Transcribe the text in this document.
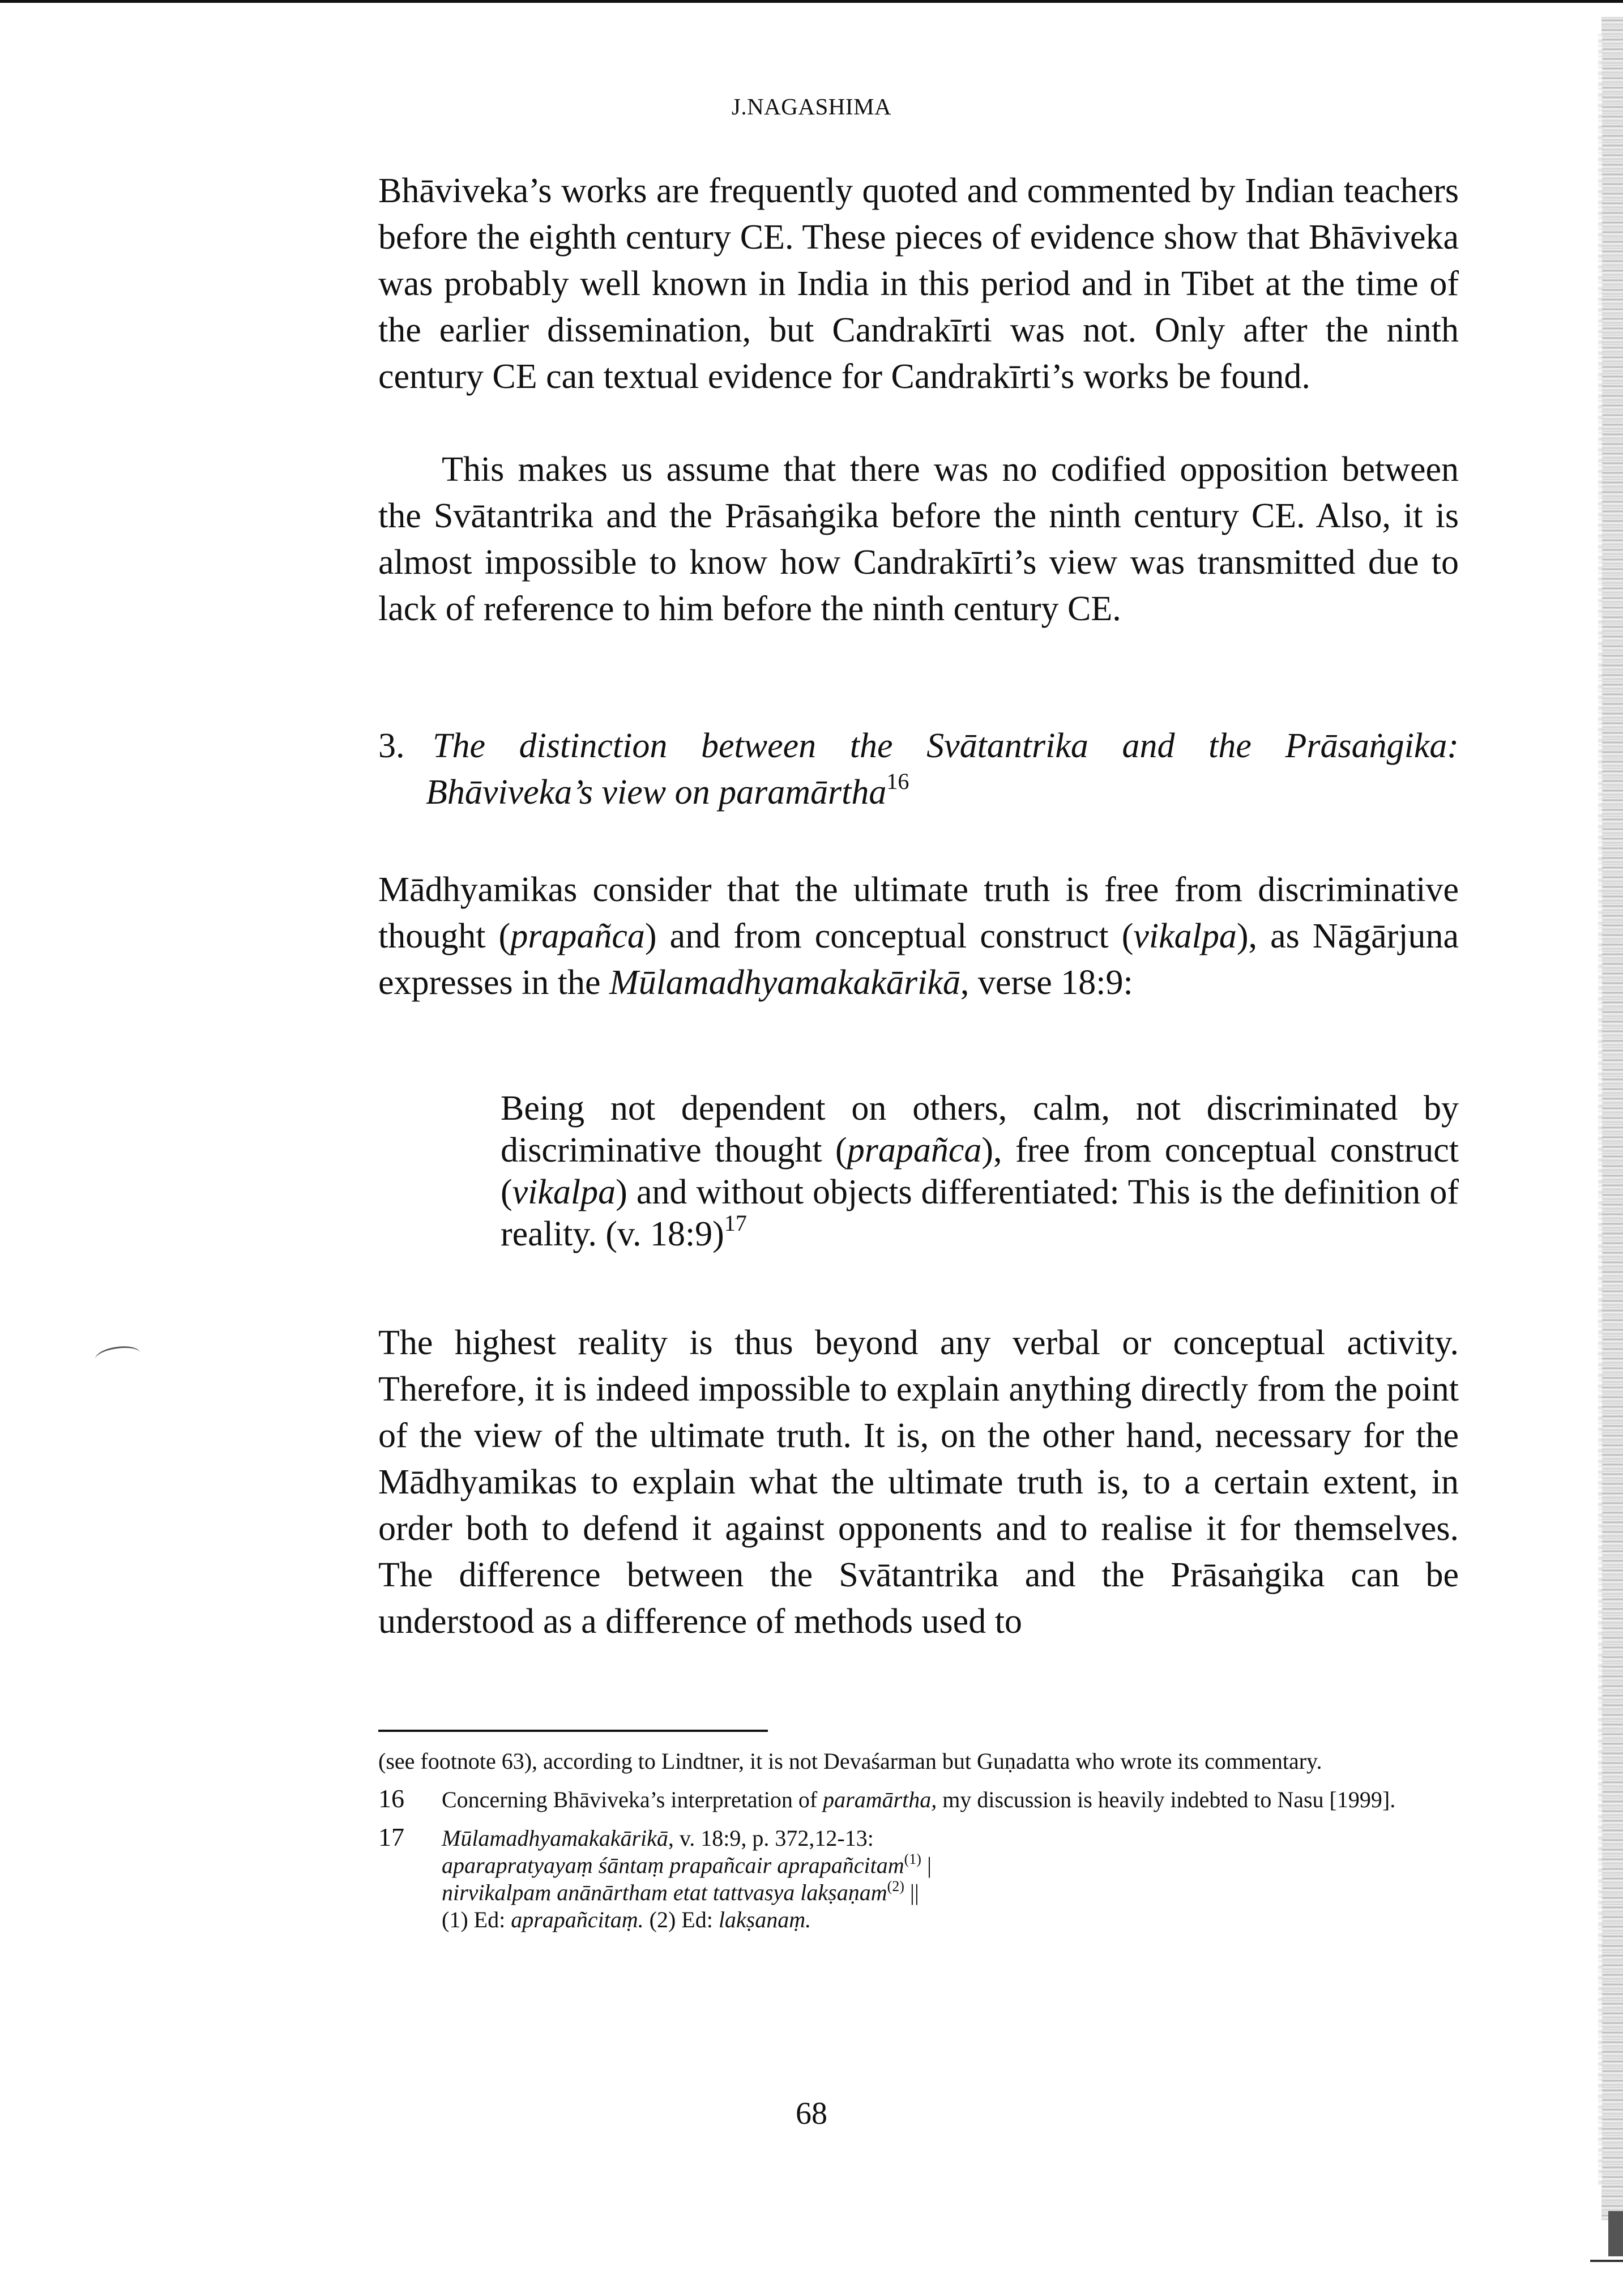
J.NAGASHIMA

Bhāviveka’s works are frequently quoted and commented by Indian teachers before the eighth century CE. These pieces of evidence show that Bhāviveka was probably well known in India in this period and in Tibet at the time of the earlier dissemination, but Candrakīrti was not. Only after the ninth century CE can textual evidence for Candrakīrti’s works be found.

This makes us assume that there was no codified opposition between the Svātantrika and the Prāsaṅgika before the ninth century CE. Also, it is almost impossible to know how Candrakīrti’s view was transmitted due to lack of reference to him before the ninth century CE.

3. The distinction between the Svātantrika and the Prāsaṅgika:
Bhāviveka’s view on paramārtha$^{16}$

Mādhyamikas consider that the ultimate truth is free from discriminative thought (prapañca) and from conceptual construct (vikalpa), as Nāgārjuna expresses in the Mūlamadhyamakakārikā, verse 18:9:

Being not dependent on others, calm, not discriminated by discriminative thought (prapañca), free from conceptual construct (vikalpa) and without objects differentiated: This is the definition of reality. (v. 18:9)$^{17}$

The highest reality is thus beyond any verbal or conceptual activity. Therefore, it is indeed impossible to explain anything directly from the point of the view of the ultimate truth. It is, on the other hand, necessary for the Mādhyamikas to explain what the ultimate truth is, to a certain extent, in order both to defend it against opponents and to realise it for themselves. The difference between the Svātantrika and the Prāsaṅgika can be understood as a difference of methods used to

(see footnote 63), according to Lindtner, it is not Devaśarman but Guṇadatta who wrote its commentary.

16 Concerning Bhāviveka’s interpretation of paramārtha, my discussion is heavily indebted to Nasu [1999].

17 Mūlamadhyamakakārikā, v. 18:9, p. 372,12-13:
aparapratyayaṃ śāntaṃ prapañcair aprapañcitam$^{(1)}$ |
nirvikalpam anānārtham etat tattvasya lakṣaṇam$^{(2)}$ ||
(1) Ed: aprapañcitaṃ. (2) Ed: lakṣanaṃ.
68
